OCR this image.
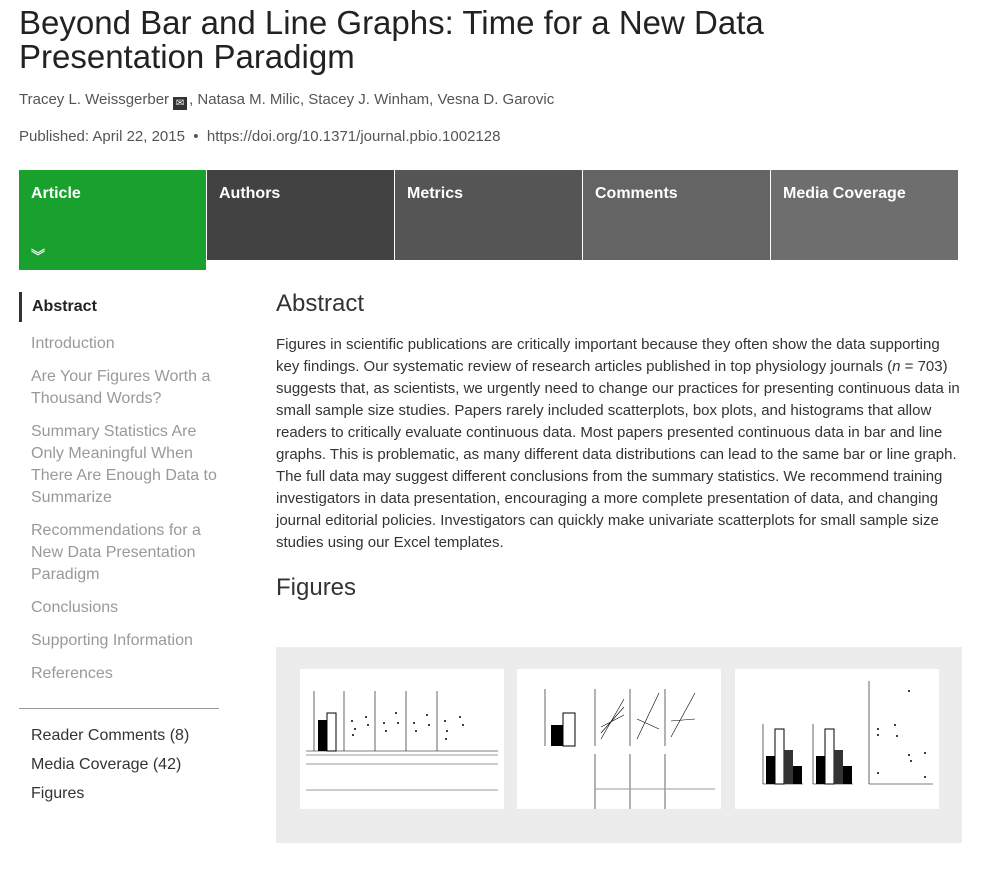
Beyond Bar and Line Graphs: Time for a New Data Presentation Paradigm
Tracey L. Weissgerber ✉ , Natasa M. Milic, Stacey J. Winham, Vesna D. Garovic
Published: April 22, 2015  •  https://doi.org/10.1371/journal.pbio.1002128
Article
︾
Authors	Metrics	Comments	Media Coverage
Abstract
Introduction
Are Your Figures Worth a Thousand Words?
Summary Statistics Are Only Meaningful When There Are Enough Data to Summarize
Recommendations for a New Data Presentation Paradigm
Conclusions
Supporting Information
References
Reader Comments (8)
Media Coverage (42)
Figures
Abstract

Figures in scientific publications are critically important because they often show the data supporting key findings. Our systematic review of research articles published in top physiology journals (n = 703) suggests that, as scientists, we urgently need to change our practices for presenting continuous data in small sample size studies. Papers rarely included scatterplots, box plots, and histograms that allow readers to critically evaluate continuous data. Most papers presented continuous data in bar and line graphs. This is problematic, as many different data distributions can lead to the same bar or line graph. The full data may suggest different conclusions from the summary statistics. We recommend training investigators in data presentation, encouraging a more complete presentation of data, and changing journal editorial policies. Investigators can quickly make univariate scatterplots for small sample size studies using our Excel templates.

Figures
